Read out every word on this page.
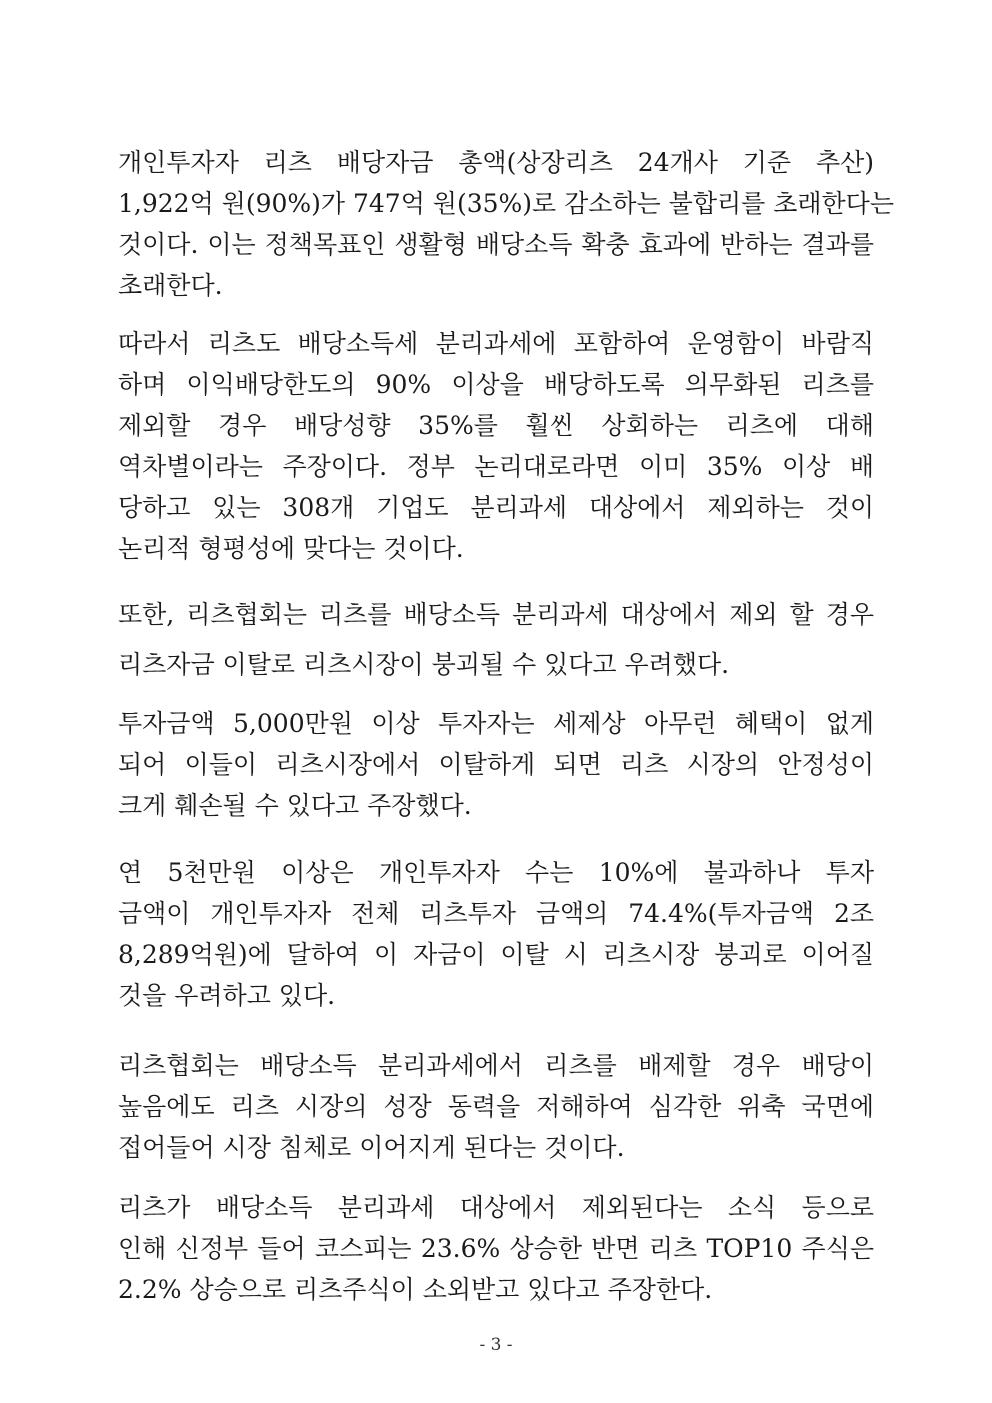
개인투자자 리츠 배당자금 총액(상장리츠 24개사 기준 추산)
1,922억 원(90%)가 747억 원(35%)로 감소하는 불합리를 초래한다는
것이다. 이는 정책목표인 생활형 배당소득 확충 효과에 반하는 결과를
초래한다.
따라서 리츠도 배당소득세 분리과세에 포함하여 운영함이 바람직
하며 이익배당한도의 90% 이상을 배당하도록 의무화된 리츠를
제외할 경우 배당성향 35%를 훨씬 상회하는 리츠에 대해
역차별이라는 주장이다. 정부 논리대로라면 이미 35% 이상 배
당하고 있는 308개 기업도 분리과세 대상에서 제외하는 것이
논리적 형평성에 맞다는 것이다.
또한, 리츠협회는 리츠를 배당소득 분리과세 대상에서 제외 할 경우
리츠자금 이탈로 리츠시장이 붕괴될 수 있다고 우려했다.
투자금액 5,000만원 이상 투자자는 세제상 아무런 혜택이 없게
되어 이들이 리츠시장에서 이탈하게 되면 리츠 시장의 안정성이
크게 훼손될 수 있다고 주장했다.
연 5천만원 이상은 개인투자자 수는 10%에 불과하나 투자
금액이 개인투자자 전체 리츠투자 금액의 74.4%(투자금액 2조
8,289억원)에 달하여 이 자금이 이탈 시 리츠시장 붕괴로 이어질
것을 우려하고 있다.
리츠협회는 배당소득 분리과세에서 리츠를 배제할 경우 배당이
높음에도 리츠 시장의 성장 동력을 저해하여 심각한 위축 국면에
접어들어 시장 침체로 이어지게 된다는 것이다.
리츠가 배당소득 분리과세 대상에서 제외된다는 소식 등으로
인해 신정부 들어 코스피는 23.6% 상승한 반면 리츠 TOP10 주식은
2.2% 상승으로 리츠주식이 소외받고 있다고 주장한다.
- 3 -
